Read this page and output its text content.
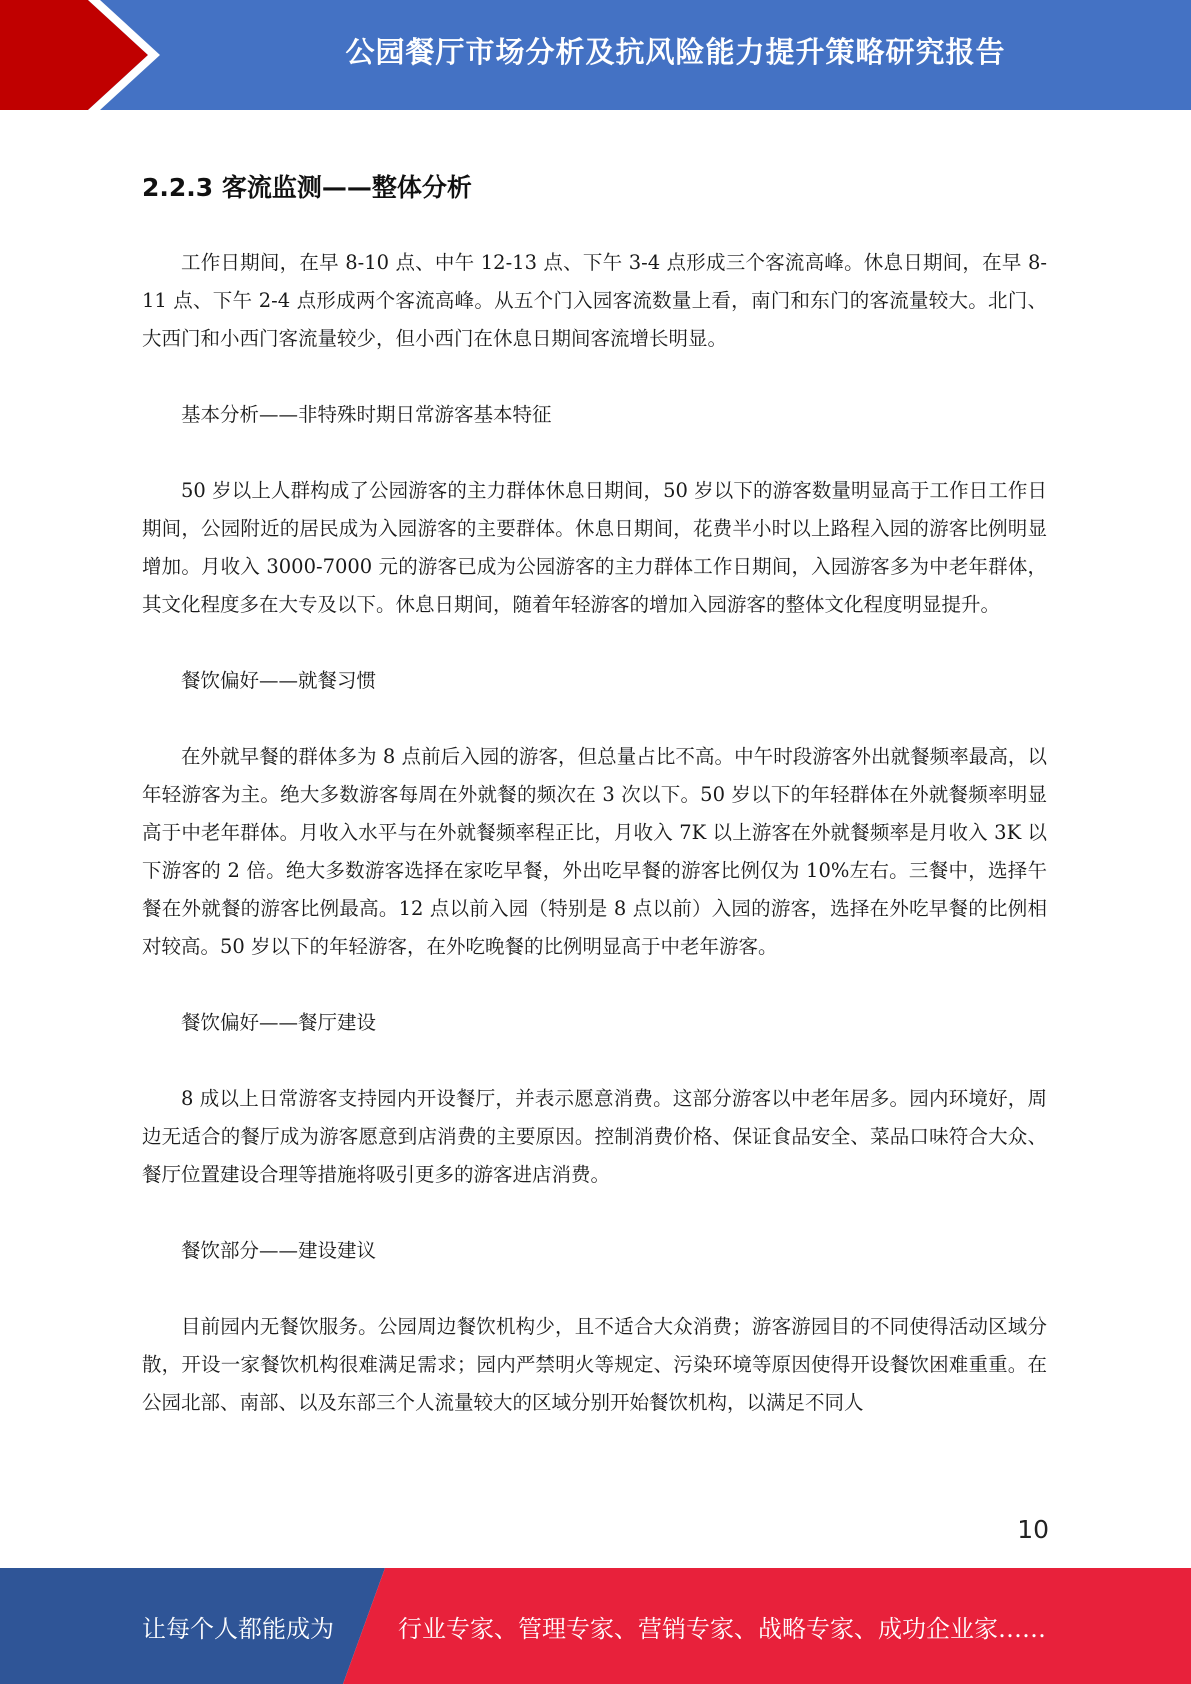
公园餐厅市场分析及抗风险能力提升策略研究报告
2.2.3 客流监测——整体分析

工作日期间，在早 8-10 点、中午 12-13 点、下午 3-4 点形成三个客流高峰。休息日期间，在早 8-11 点、下午 2-4 点形成两个客流高峰。从五个门入园客流数量上看，南门和东门的客流量较大。北门、大西门和小西门客流量较少，但小西门在休息日期间客流增长明显。

基本分析——非特殊时期日常游客基本特征

50 岁以上人群构成了公园游客的主力群体休息日期间，50 岁以下的游客数量明显高于工作日工作日期间，公园附近的居民成为入园游客的主要群体。休息日期间，花费半小时以上路程入园的游客比例明显增加。月收入 3000-7000 元的游客已成为公园游客的主力群体工作日期间，入园游客多为中老年群体，其文化程度多在大专及以下。休息日期间，随着年轻游客的增加入园游客的整体文化程度明显提升。

餐饮偏好——就餐习惯

在外就早餐的群体多为 8 点前后入园的游客，但总量占比不高。中午时段游客外出就餐频率最高，以年轻游客为主。绝大多数游客每周在外就餐的频次在 3 次以下。50 岁以下的年轻群体在外就餐频率明显高于中老年群体。月收入水平与在外就餐频率程正比，月收入 7K 以上游客在外就餐频率是月收入 3K 以下游客的 2 倍。绝大多数游客选择在家吃早餐，外出吃早餐的游客比例仅为 10%左右。三餐中，选择午餐在外就餐的游客比例最高。12 点以前入园（特别是 8 点以前）入园的游客，选择在外吃早餐的比例相对较高。50 岁以下的年轻游客，在外吃晚餐的比例明显高于中老年游客。

餐饮偏好——餐厅建设

8 成以上日常游客支持园内开设餐厅，并表示愿意消费。这部分游客以中老年居多。园内环境好，周边无适合的餐厅成为游客愿意到店消费的主要原因。控制消费价格、保证食品安全、菜品口味符合大众、餐厅位置建设合理等措施将吸引更多的游客进店消费。

餐饮部分——建设建议

目前园内无餐饮服务。公园周边餐饮机构少，且不适合大众消费；游客游园目的不同使得活动区域分散，开设一家餐饮机构很难满足需求；园内严禁明火等规定、污染环境等原因使得开设餐饮困难重重。在公园北部、南部、以及东部三个人流量较大的区域分别开始餐饮机构，以满足不同人

10
让每个人都能成为	行业专家、管理专家、营销专家、战略专家、成功企业家……
